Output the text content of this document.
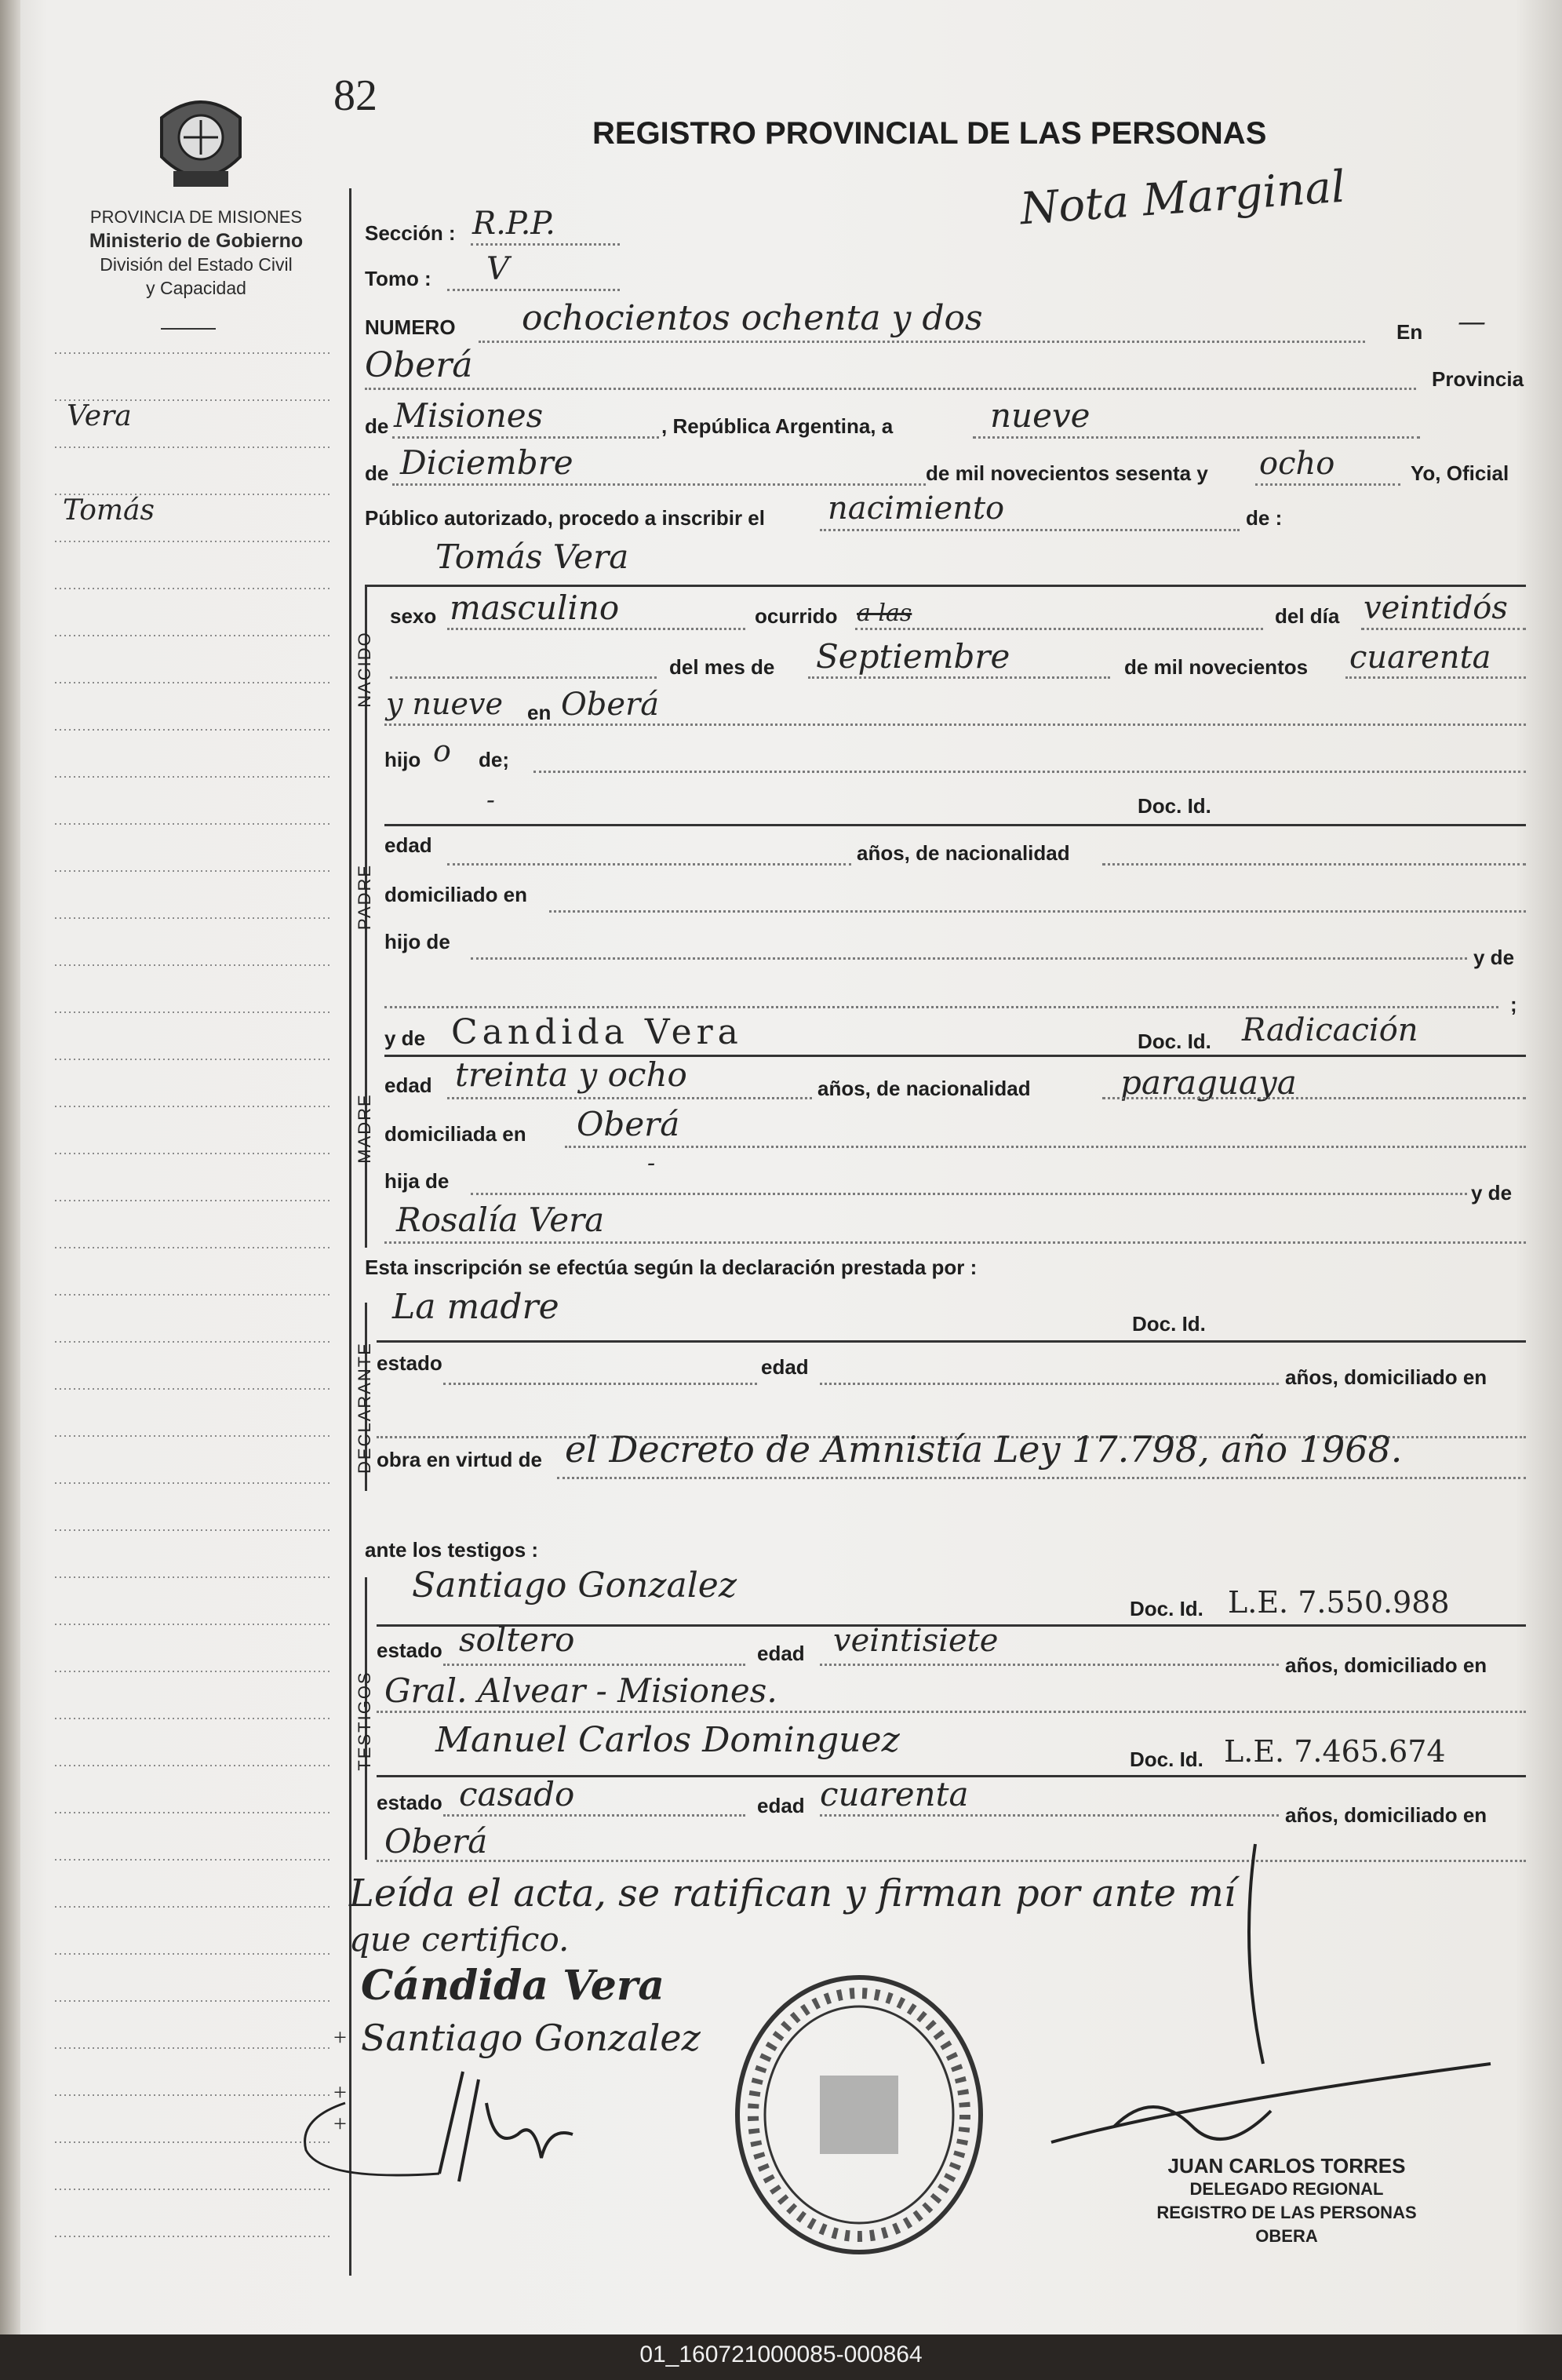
82
REGISTRO PROVINCIAL DE LAS PERSONAS
PROVINCIA DE MISIONES
Ministerio de Gobierno
División del Estado Civil
y Capacidad
Nota Marginal
Vera
Tomás
Sección : R.P.P.
Tomo : V
NUMERO ochocientos ochenta y dos	En —
Oberá	Provincia
de Misiones	, República Argentina, a	nueve
de Diciembre	de mil novecientos sesenta y ocho	Yo, Oficial
Público autorizado, procedo a inscribir el nacimiento	de :
NACIDO
Tomás Vera
sexo masculino	ocurrido a las	del día veintidós
del mes de Septiembre	de mil novecientos cuarenta
y nueve en Oberá
hijo o de;
PADRE
-	Doc. Id.
edad	años, de nacionalidad
domiciliado en
hijo de
y de
;
MADRE
y de Candida Vera	Doc. Id. Radicación
edad treinta y ocho	años, de nacionalidad	paraguaya
domiciliada en Oberá
hija de
-
y de
Rosalía Vera
Esta inscripción se efectúa según la declaración prestada por :
DECLARANTE
La madre	Doc. Id.
estado	edad	años, domiciliado en
obra en virtud de el Decreto de Amnistía Ley 17.798, año 1968.
ante los testigos :
TESTIGOS
Santiago Gonzalez
Doc. Id. L.E. 7.550.988
estado soltero	edad veintisiete
años, domiciliado en
Gral. Alvear - Misiones.
Manuel Carlos Dominguez	Doc. Id. L.E. 7.465.674
estado casado	edad cuarenta
años, domiciliado en
Oberá
Leída el acta, se ratifican y firman por ante mí
que certifico.
Cándida Vera
Santiago Gonzalez
+
+
+
JUAN CARLOS TORRES
DELEGADO REGIONAL
REGISTRO DE LAS PERSONAS
OBERA
01_160721000085-000864
